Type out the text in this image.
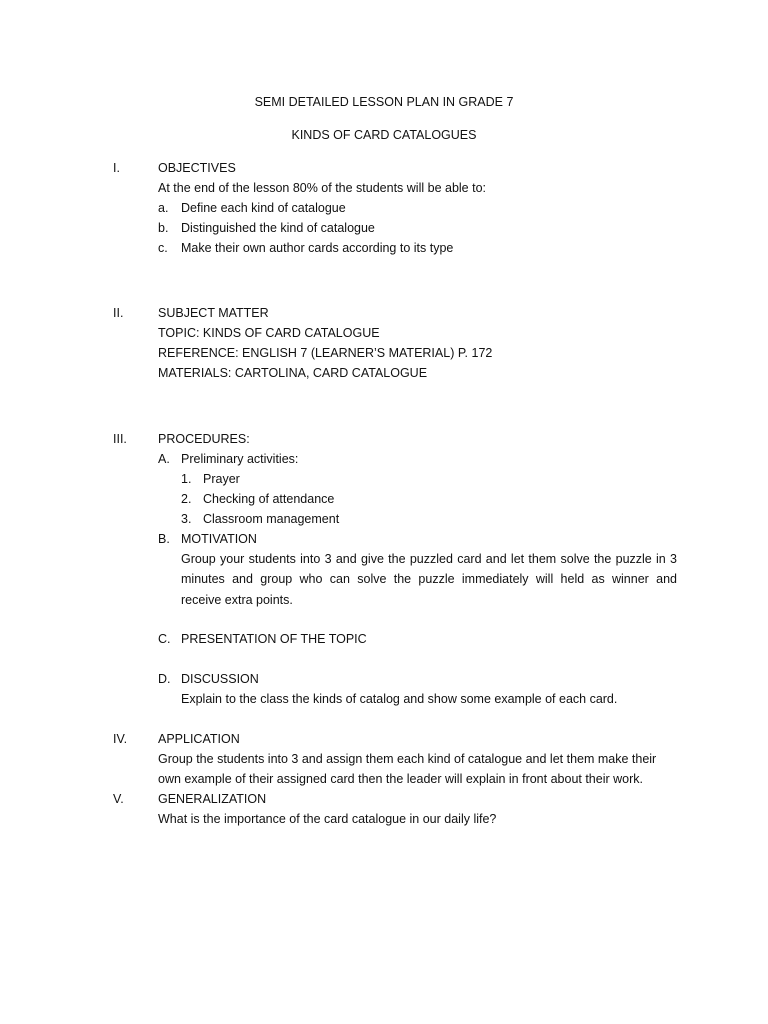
SEMI DETAILED LESSON PLAN IN GRADE 7
KINDS OF CARD CATALOGUES
I.	OBJECTIVES
At the end of the lesson 80% of the students will be able to:
a. Define each kind of catalogue
b. Distinguished the kind of catalogue
c. Make their own author cards according to its type
II.	SUBJECT MATTER
TOPIC: KINDS OF CARD CATALOGUE
REFERENCE: ENGLISH 7 (LEARNER’S MATERIAL) P. 172
MATERIALS: CARTOLINA, CARD CATALOGUE
III. PROCEDURES:
A. Preliminary activities:
1. Prayer
2. Checking of attendance
3. Classroom management
B. MOTIVATION
Group your students into 3 and give the puzzled card and let them solve the puzzle in 3
minutes and group who can solve the puzzle immediately will held as winner and
receive extra points.
C. PRESENTATION OF THE TOPIC
D. DISCUSSION
Explain to the class the kinds of catalog and show some example of each card.
IV. APPLICATION
Group the students into 3 and assign them each kind of catalogue and let them make their
own example of their assigned card then the leader will explain in front about their work.
V.	GENERALIZATION
What is the importance of the card catalogue in our daily life?
